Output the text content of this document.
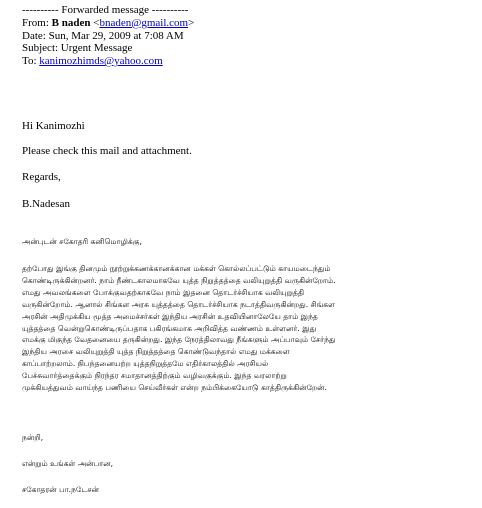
---------- Forwarded message ----------
From: B naden <bnaden@gmail.com>
Date: Sun, Mar 29, 2009 at 7:08 AM
Subject: Urgent Message
To: kanimozhimds@yahoo.com
Hi Kanimozhi
Please check this mail and attachment.
Regards,
B.Nadesan
அன்புடன் சகோதரி கனிமொழிக்கு,
தற்போது இங்கு தினமும் நூற்றுக்கணக்கானக்கான மக்கள் கொல்லப்பட்டும் காயமடைந்தும்
கொண்டிருக்கின்றனர். நாம் நீண்டகாலமாகவே யுத்த நிறுத்தத்தை வலியுறுத்தி வருகின்றோம்.
எமது அவலங்களை போக்குவதற்காகவே நாம் இதனை தொடர்ச்சியாக வலியுறுத்தி
வருகின்றோம். ஆனால் சிங்கள அரசு யுத்தத்தை தொடர்ச்சியாக நடாத்திவருகின்றது. சிங்கள
அரசின் அதிமுக்கிய மூத்த அமைச்சர்கள் இந்திய அரசின் உதவியினாலேயே தாம் இந்த
யுத்தத்தை வென்றுகொண்டிருப்பதாக பகிரங்கமாக அறிவித்த வண்ணம் உள்ளனர். இது
எமக்கு மிகுந்த வேதனையை தருகின்றது. இந்த நேரத்திலாவது நீங்களும் அப்பாவும் சேர்ந்து
இந்திய அரசை வலியுறுத்தி யுத்த நிறுத்தத்தை கொண்டுவந்தால் எமது மக்களை
காப்பாற்றலாம். நிபந்தனையற்ற யுத்தநிறுத்தமே எதிர்காலத்தில் அரசியல்
பேச்சுவார்த்தைக்கும் நிரந்தர சமாதானத்திற்கும் வழிவகுக்கும். இந்த வரலாற்று
முக்கியத்துவம் வாய்ந்த பணியை செய்வீர்கள் என்ற நம்பிக்கையோடு காத்திருக்கின்றேன்.
நன்றி,
என்றும் உங்கள் அன்பான,
சகோதரன் பா.நடேசன்
